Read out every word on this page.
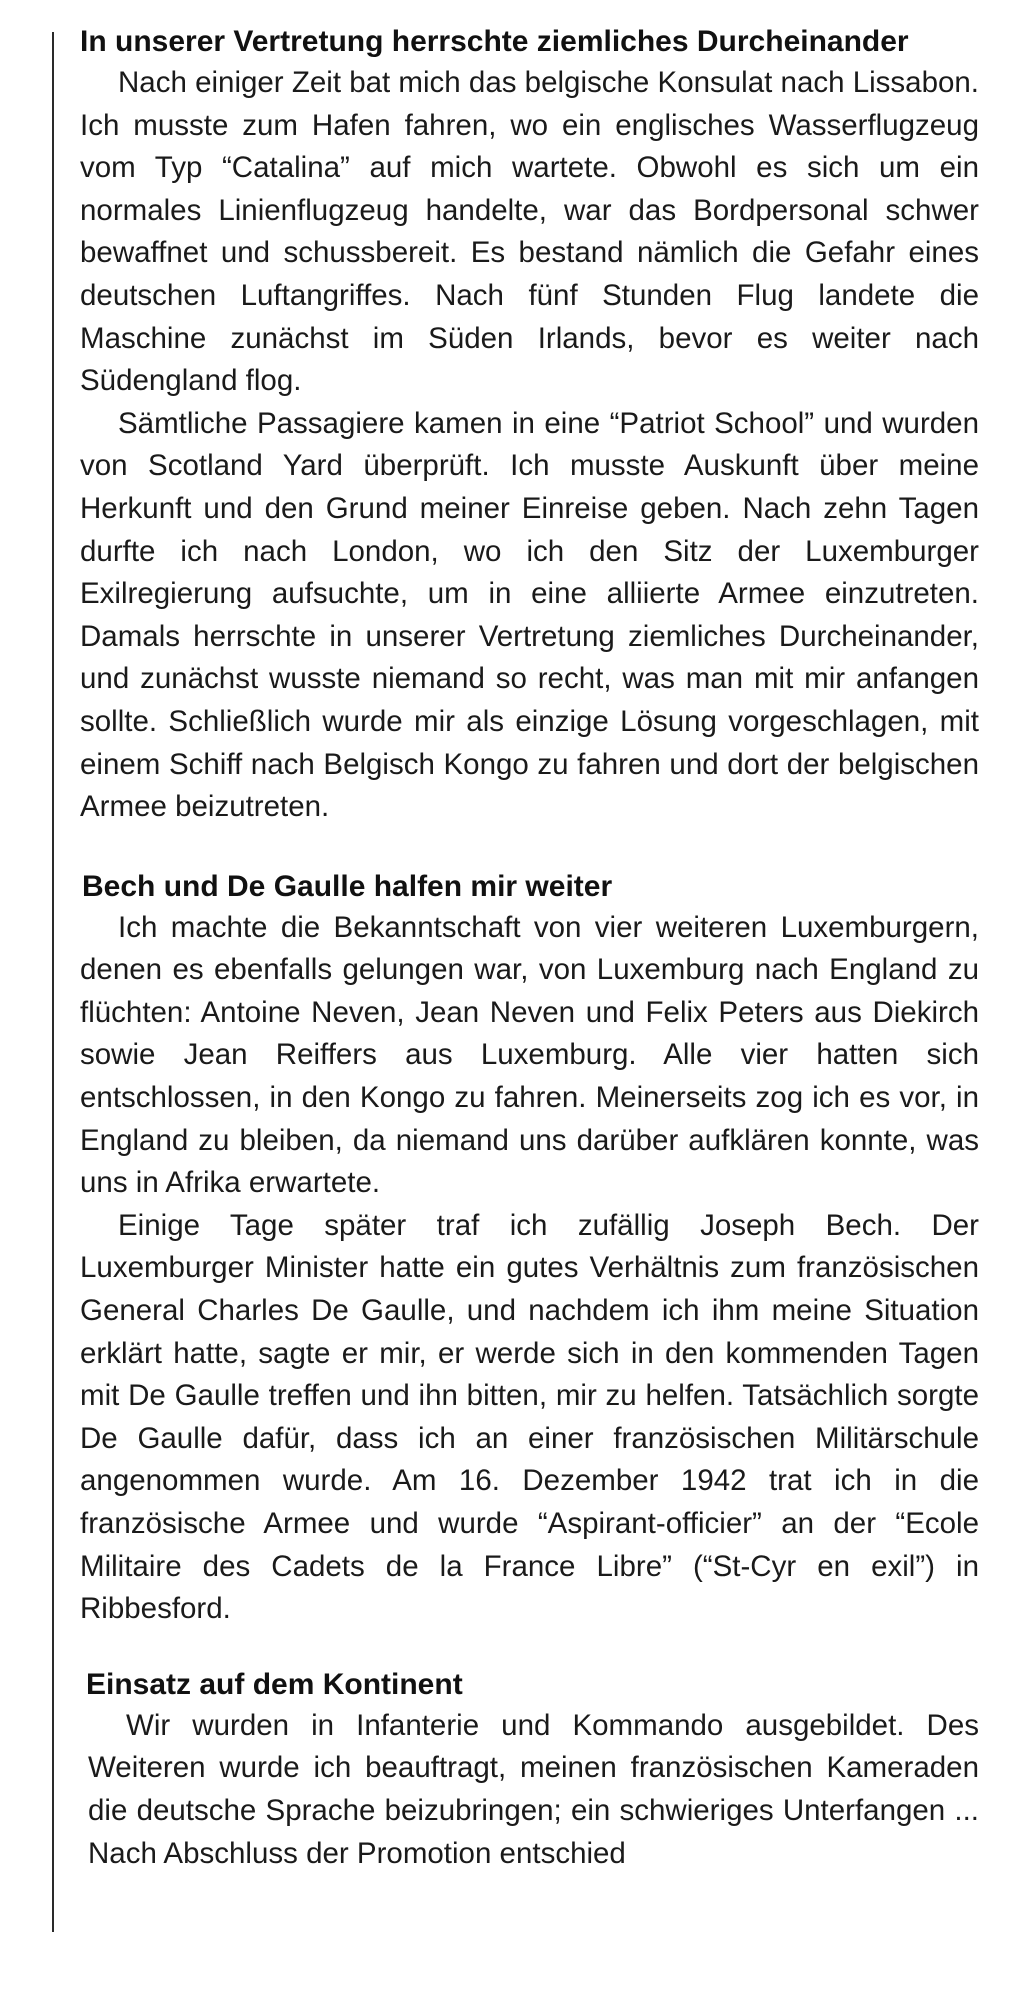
In unserer Vertretung herrschte ziemliches Durcheinander

Nach einiger Zeit bat mich das belgische Konsulat nach Lissabon. Ich musste zum Hafen fahren, wo ein englisches Wasserflugzeug vom Typ “Catalina” auf mich wartete. Obwohl es sich um ein normales Linienflugzeug handelte, war das Bordpersonal schwer bewaffnet und schussbereit. Es bestand nämlich die Gefahr eines deutschen Luftangriffes. Nach fünf Stunden Flug landete die Maschine zunächst im Süden Irlands, bevor es weiter nach Südengland flog.

Sämtliche Passagiere kamen in eine “Patriot School” und wurden von Scotland Yard überprüft. Ich musste Auskunft über meine Herkunft und den Grund meiner Einreise geben. Nach zehn Tagen durfte ich nach London, wo ich den Sitz der Luxemburger Exilregierung aufsuchte, um in eine alliierte Armee einzutreten. Damals herrschte in unserer Vertretung ziemliches Durcheinander, und zunächst wusste niemand so recht, was man mit mir anfangen sollte. Schließlich wurde mir als einzige Lösung vorgeschlagen, mit einem Schiff nach Belgisch Kongo zu fahren und dort der belgischen Armee beizutreten.

Bech und De Gaulle halfen mir weiter

Ich machte die Bekanntschaft von vier weiteren Luxemburgern, denen es ebenfalls gelungen war, von Luxemburg nach England zu flüchten: Antoine Neven, Jean Neven und Felix Peters aus Diekirch sowie Jean Reiffers aus Luxemburg. Alle vier hatten sich entschlossen, in den Kongo zu fahren. Meinerseits zog ich es vor, in England zu bleiben, da niemand uns darüber aufklären konnte, was uns in Afrika erwartete.

Einige Tage später traf ich zufällig Joseph Bech. Der Luxemburger Minister hatte ein gutes Verhältnis zum französischen General Charles De Gaulle, und nachdem ich ihm meine Situation erklärt hatte, sagte er mir, er werde sich in den kommenden Tagen mit De Gaulle treffen und ihn bitten, mir zu helfen. Tatsächlich sorgte De Gaulle dafür, dass ich an einer französischen Militärschule angenommen wurde. Am 16. Dezember 1942 trat ich in die französische Armee und wurde “Aspirant-officier” an der “Ecole Militaire des Cadets de la France Libre” (“St-Cyr en exil”) in Ribbesford.

Einsatz auf dem Kontinent

Wir wurden in Infanterie und Kommando ausgebildet. Des Weiteren wurde ich beauftragt, meinen französischen Kameraden die deutsche Sprache beizubringen; ein schwieriges Unterfangen ... Nach Abschluss der Promotion entschied
